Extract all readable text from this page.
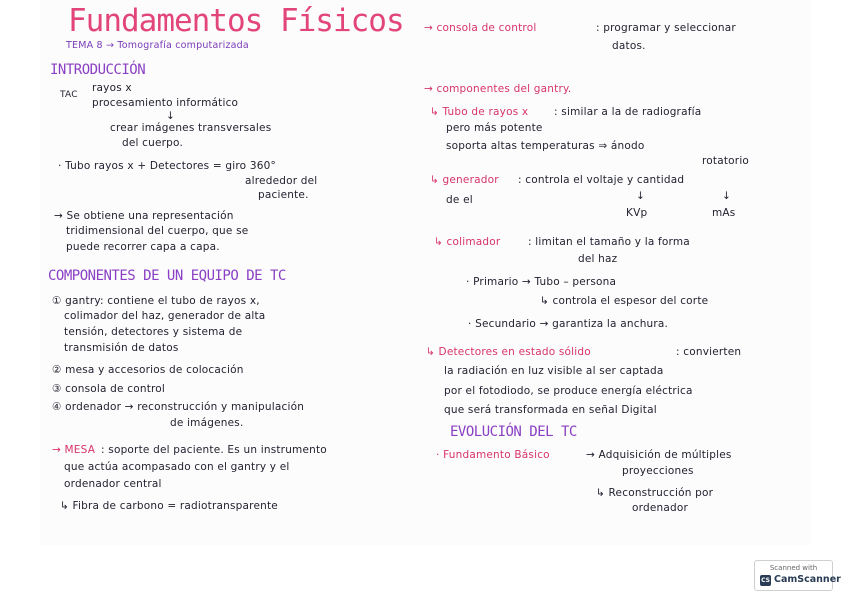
Fundamentos Físicos
TEMA 8 → Tomografía computarizada
INTRODUCCIÓN
TAC
rayos x
procesamiento informático
↓
crear imágenes transversales
del cuerpo.
· Tubo rayos x + Detectores = giro 360°
alrededor del
paciente.
→ Se obtiene una representación
tridimensional del cuerpo, que se
puede recorrer capa a capa.
COMPONENTES DE UN EQUIPO DE TC
① gantry: contiene el tubo de rayos x,
colimador del haz, generador de alta
tensión, detectores y sistema de
transmisión de datos
② mesa y accesorios de colocación
③ consola de control
④ ordenador → reconstrucción y manipulación
de imágenes.
→ MESA : soporte del paciente. Es un instrumento
que actúa acompasado con el gantry y el
ordenador central
↳ Fibra de carbono = radiotransparente
→ consola de control	: programar y seleccionar
datos.
→ componentes del gantry.
↳ Tubo de rayos x : similar a la de radiografía
pero más potente
soporta altas temperaturas ⇒ ánodo
rotatorio
↳ generador : controla el voltaje y cantidad
de el	↓	↓
KVp	mAs
↳ colimador	: limitan el tamaño y la forma
del haz
· Primario → Tubo – persona
↳ controla el espesor del corte
· Secundario → garantiza la anchura.
↳ Detectores en estado sólido	: convierten
la radiación en luz visible al ser captada
por el fotodiodo, se produce energía eléctrica
que será transformada en señal Digital
EVOLUCIÓN DEL TC
· Fundamento Básico	→ Adquisición de múltiples
proyecciones
↳ Reconstrucción por
ordenador
Scanned with
CS CamScanner
